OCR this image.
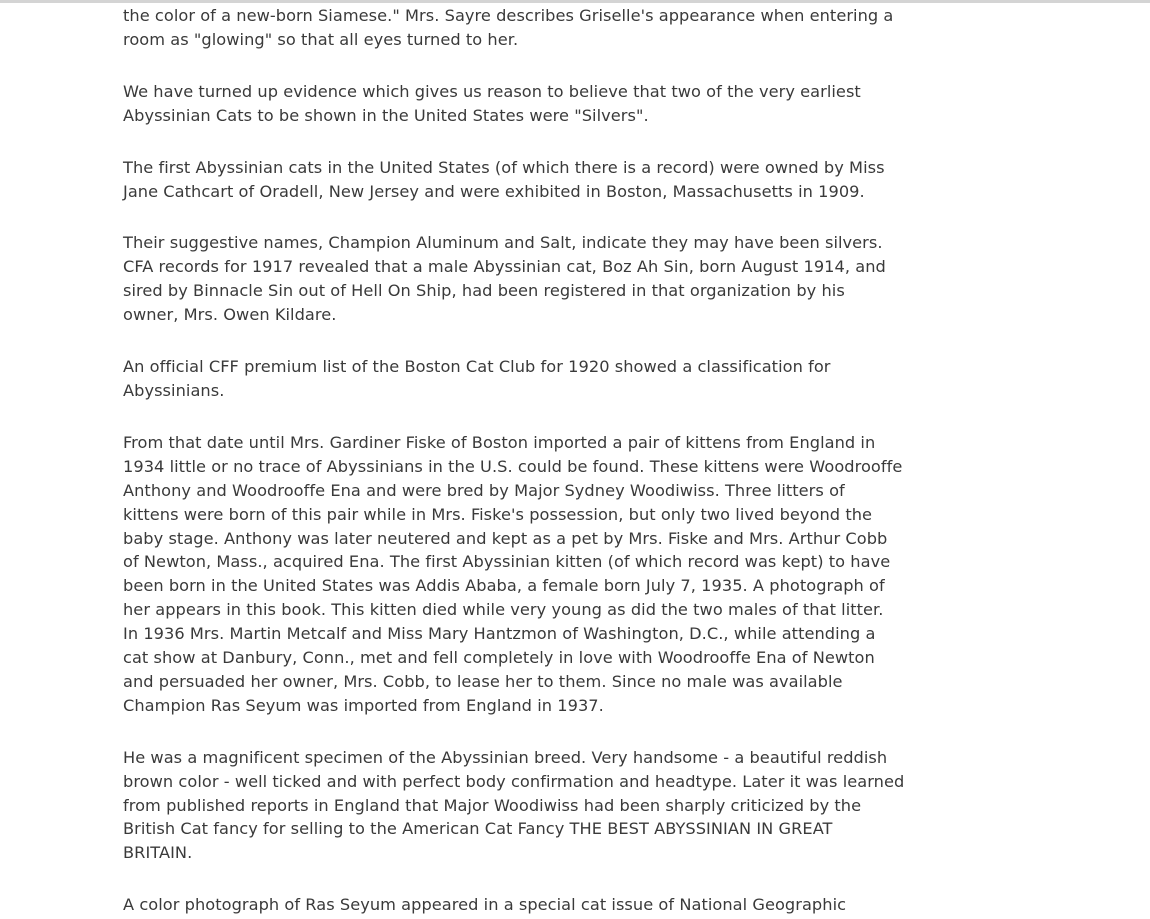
the color of a new-born Siamese." Mrs. Sayre describes Griselle's appearance when entering a
room as "glowing" so that all eyes turned to her.

We have turned up evidence which gives us reason to believe that two of the very earliest
Abyssinian Cats to be shown in the United States were "Silvers".

The first Abyssinian cats in the United States (of which there is a record) were owned by Miss
Jane Cathcart of Oradell, New Jersey and were exhibited in Boston, Massachusetts in 1909.

Their suggestive names, Champion Aluminum and Salt, indicate they may have been silvers.
CFA records for 1917 revealed that a male Abyssinian cat, Boz Ah Sin, born August 1914, and
sired by Binnacle Sin out of Hell On Ship, had been registered in that organization by his
owner, Mrs. Owen Kildare.

An official CFF premium list of the Boston Cat Club for 1920 showed a classification for
Abyssinians.

From that date until Mrs. Gardiner Fiske of Boston imported a pair of kittens from England in
1934 little or no trace of Abyssinians in the U.S. could be found. These kittens were Woodrooffe
Anthony and Woodrooffe Ena and were bred by Major Sydney Woodiwiss. Three litters of
kittens were born of this pair while in Mrs. Fiske's possession, but only two lived beyond the
baby stage. Anthony was later neutered and kept as a pet by Mrs. Fiske and Mrs. Arthur Cobb
of Newton, Mass., acquired Ena. The first Abyssinian kitten (of which record was kept) to have
been born in the United States was Addis Ababa, a female born July 7, 1935. A photograph of
her appears in this book. This kitten died while very young as did the two males of that litter.
In 1936 Mrs. Martin Metcalf and Miss Mary Hantzmon of Washington, D.C., while attending a
cat show at Danbury, Conn., met and fell completely in love with Woodrooffe Ena of Newton
and persuaded her owner, Mrs. Cobb, to lease her to them. Since no male was available
Champion Ras Seyum was imported from England in 1937.

He was a magnificent specimen of the Abyssinian breed. Very handsome - a beautiful reddish
brown color - well ticked and with perfect body confirmation and headtype. Later it was learned
from published reports in England that Major Woodiwiss had been sharply criticized by the
British Cat fancy for selling to the American Cat Fancy THE BEST ABYSSINIAN IN GREAT
BRITAIN.

A color photograph of Ras Seyum appeared in a special cat issue of National Geographic
